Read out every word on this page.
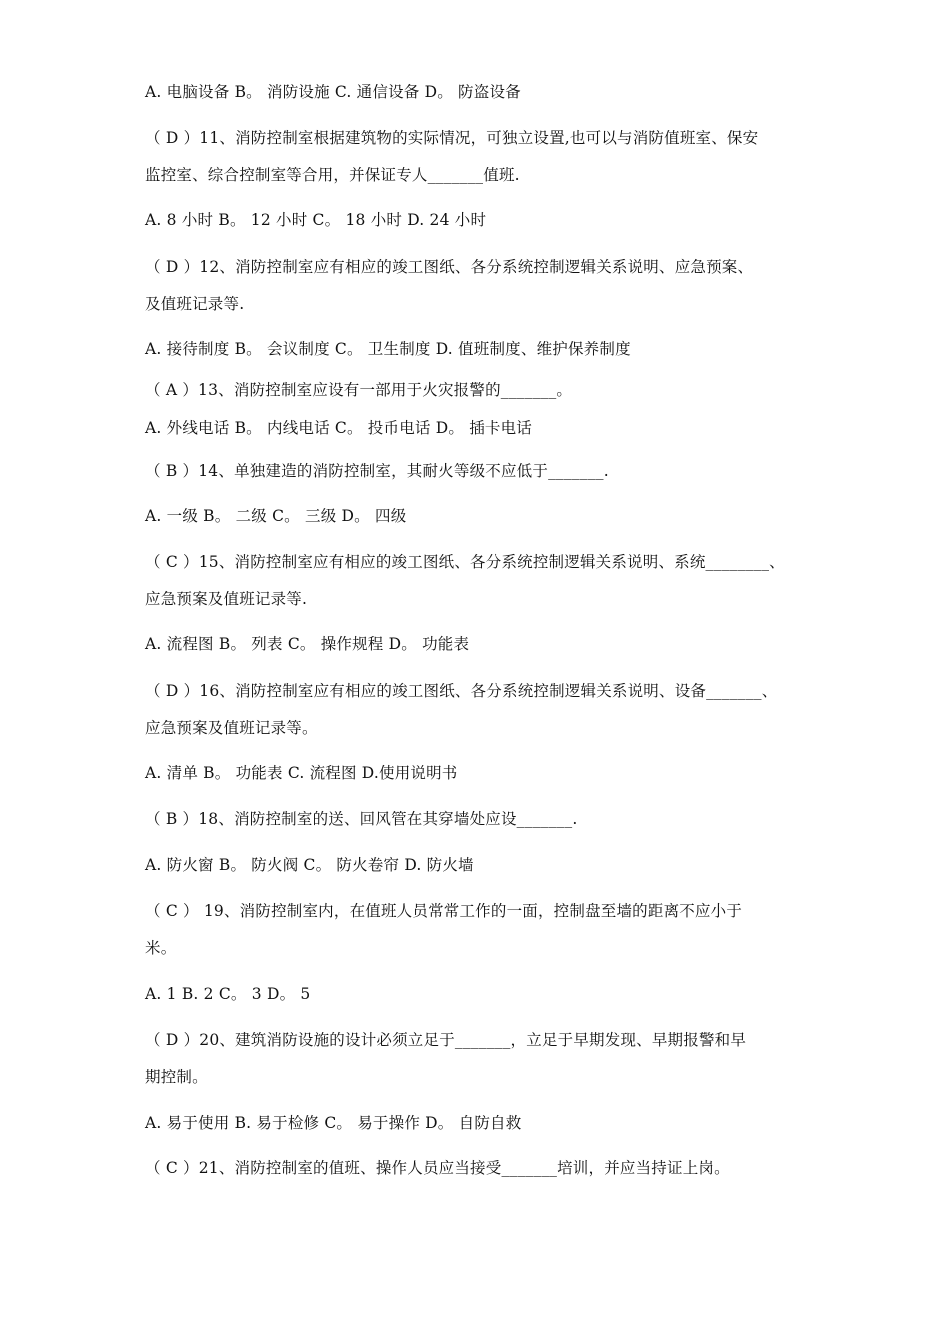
A. 电脑设备 B。 消防设施 C. 通信设备 D。 防盗设备
（ D ）11、消防控制室根据建筑物的实际情况，可独立设置,也可以与消防值班室、保安
监控室、综合控制室等合用，并保证专人_______值班.
A. 8 小时 B。 12 小时 C。 18 小时 D. 24 小时
（ D ）12、消防控制室应有相应的竣工图纸、各分系统控制逻辑关系说明、应急预案、
及值班记录等.
A. 接待制度 B。 会议制度 C。 卫生制度 D. 值班制度、维护保养制度
（ A ）13、消防控制室应设有一部用于火灾报警的_______。
A. 外线电话 B。 内线电话 C。 投币电话 D。 插卡电话
（ B ）14、单独建造的消防控制室，其耐火等级不应低于_______.
A. 一级 B。 二级 C。 三级 D。 四级
（ C ）15、消防控制室应有相应的竣工图纸、各分系统控制逻辑关系说明、系统________、
应急预案及值班记录等.
A. 流程图 B。 列表 C。 操作规程 D。 功能表
（ D ）16、消防控制室应有相应的竣工图纸、各分系统控制逻辑关系说明、设备_______、
应急预案及值班记录等。
A. 清单 B。 功能表 C. 流程图 D.使用说明书
（ B ）18、消防控制室的送、回风管在其穿墙处应设_______.
A. 防火窗 B。 防火阀 C。 防火卷帘 D. 防火墙
（ C ） 19、消防控制室内，在值班人员常常工作的一面，控制盘至墙的距离不应小于
米。
A. 1 B. 2 C。 3 D。 5
（ D ）20、建筑消防设施的设计必须立足于_______，立足于早期发现、早期报警和早
期控制。
A. 易于使用 B. 易于检修 C。 易于操作 D。 自防自救
（ C ）21、消防控制室的值班、操作人员应当接受_______培训，并应当持证上岗。
